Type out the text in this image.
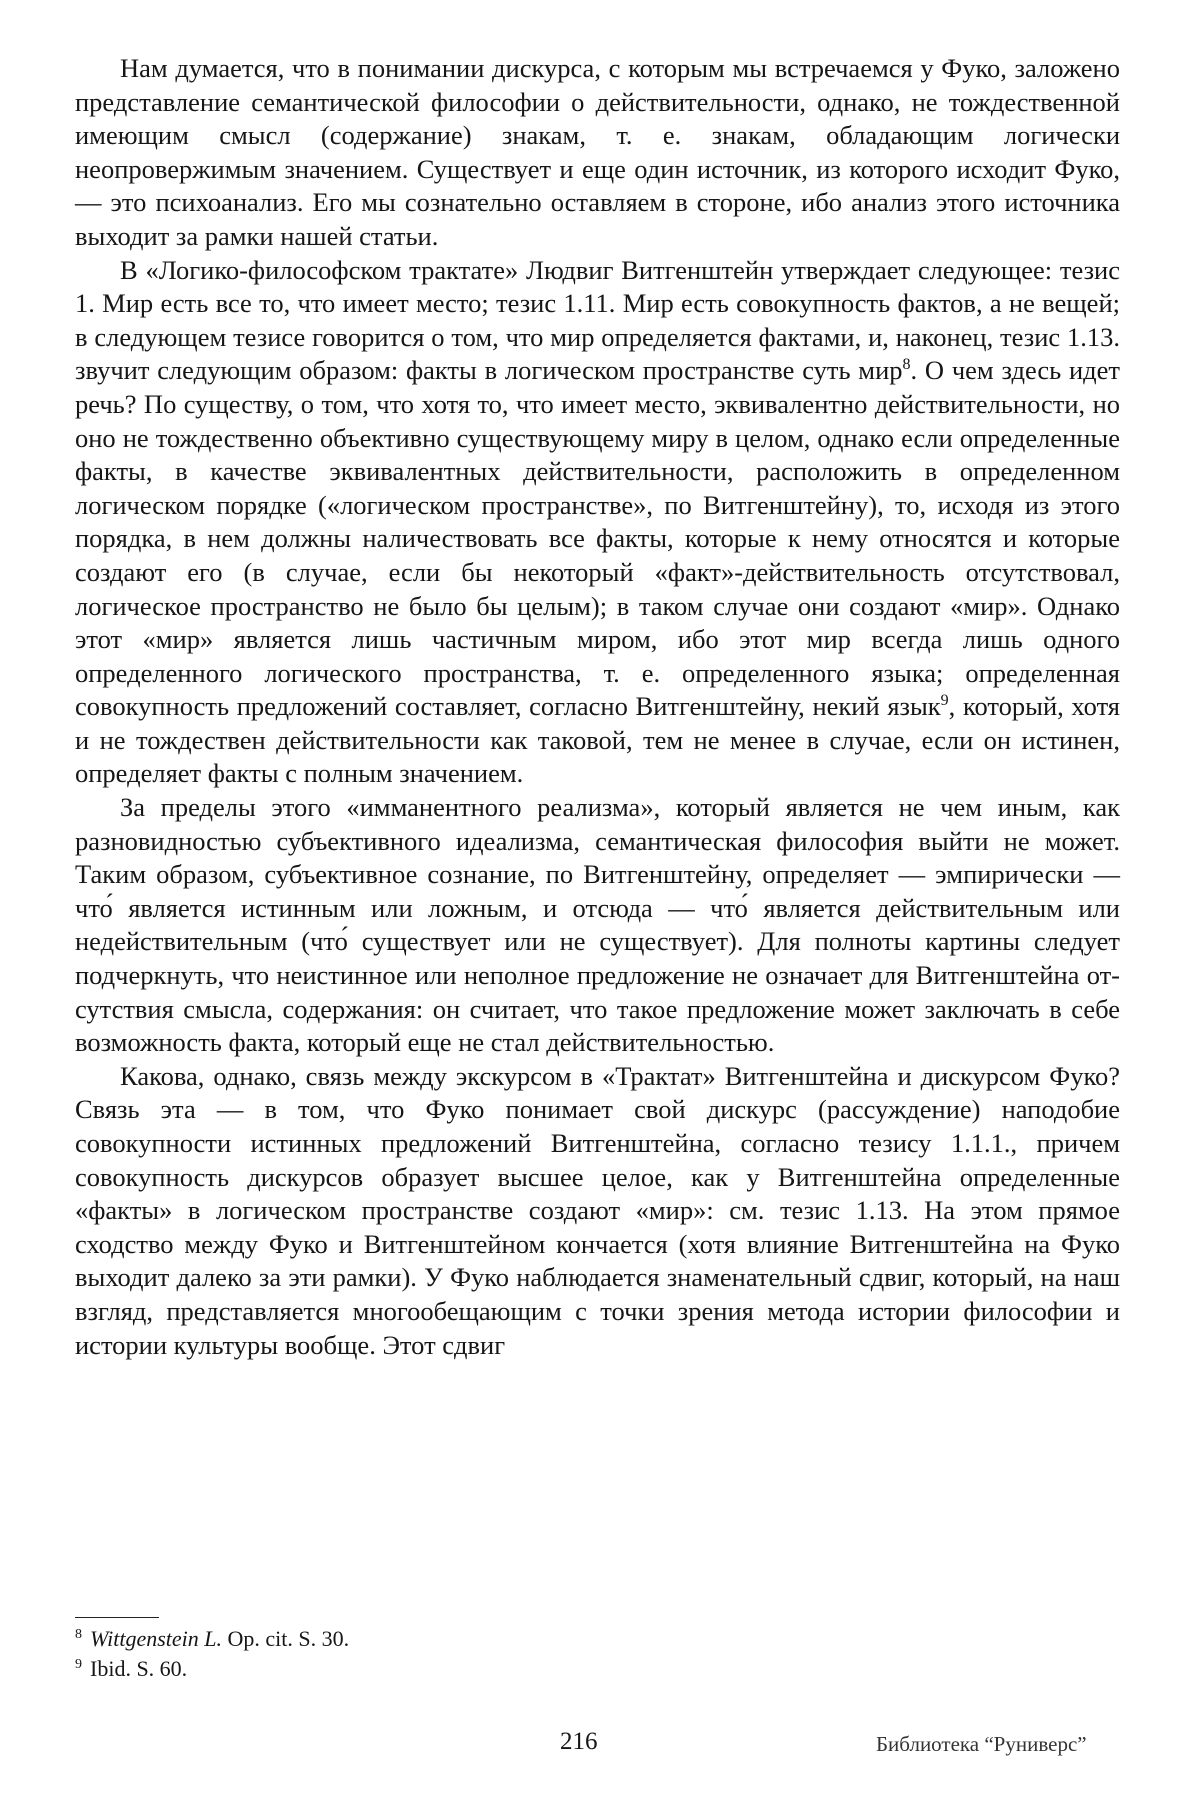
Нам думается, что в понимании дискурса, с которым мы встречаемся у Фуко, заложено представление семантической философии о действительности, однако, не тождественной имеющим смысл (содержание) знакам, т. е. знакам, обладающим логически неопровержимым значением. Существует и еще один источник, из которого исходит Фуко, — это психоанализ. Его мы сознательно оставляем в стороне, ибо анализ этого источника выходит за рамки нашей статьи.

В «Логико-философском трактате» Людвиг Витгенштейн утверждает следующее: тезис 1. Мир есть все то, что имеет место; тезис 1.11. Мир есть совокупность фактов, а не вещей; в следующем тезисе говорится о том, что мир определяется фактами, и, наконец, тезис 1.13. звучит следующим образом: факты в логическом пространстве суть мир$^8$. О чем здесь идет речь? По существу, о том, что хотя то, что имеет место, эквивалентно действительности, но оно не тождественно объективно существующему миру в целом, однако если определенные факты, в качестве эквивалентных действительности, расположить в определенном логическом порядке («логическом пространстве», по Витгенштейну), то, исходя из этого порядка, в нем должны наличествовать все факты, которые к нему относятся и которые создают его (в случае, если бы некоторый «факт»-действительность отсутствовал, логическое пространство не было бы целым); в таком случае они создают «мир». Однако этот «мир» является лишь частичным миром, ибо этот мир всегда лишь одного определенного логического пространства, т. е. определенного языка; определенная совокупность предложений составляет, согласно Витгенштейну, некий язык$^9$, который, хотя и не тождествен действительности как таковой, тем не менее в случае, если он истинен, определяет факты с полным значением.

За пределы этого «имманентного реализма», который является не чем иным, как разновидностью субъективного идеализма, семантическая философия выйти не может. Таким образом, субъективное сознание, по Витгенштейну, определяет — эмпирически — что́ является истинным или ложным, и отсюда — что́ является действительным или недействительным (что́ существует или не существует). Для полноты картины следует подчеркнуть, что неистинное или неполное предложение не означает для Витгенштейна отсутствия смысла, содержания: он считает, что такое предложение может заключать в себе возможность факта, который еще не стал действительностью.

Какова, однако, связь между экскурсом в «Трактат» Витгенштейна и дискурсом Фуко? Связь эта — в том, что Фуко понимает свой дискурс (рассуждение) наподобие совокупности истинных предложений Витгенштейна, согласно тезису 1.1.1., причем совокупность дискурсов образует высшее целое, как у Витгенштейна определенные «факты» в логическом пространстве создают «мир»: см. тезис 1.13. На этом прямое сходство между Фуко и Витгенштейном кончается (хотя влияние Витгенштейна на Фуко выходит далеко за эти рамки). У Фуко наблюдается знаменательный сдвиг, который, на наш взгляд, представляется многообещающим с точки зрения метода истории философии и истории культуры вообще. Этот сдвиг

$^8$ Wittgenstein L. Op. cit. S. 30.

$^9$ Ibid. S. 60.

216	Библиотека “Руниверс”
